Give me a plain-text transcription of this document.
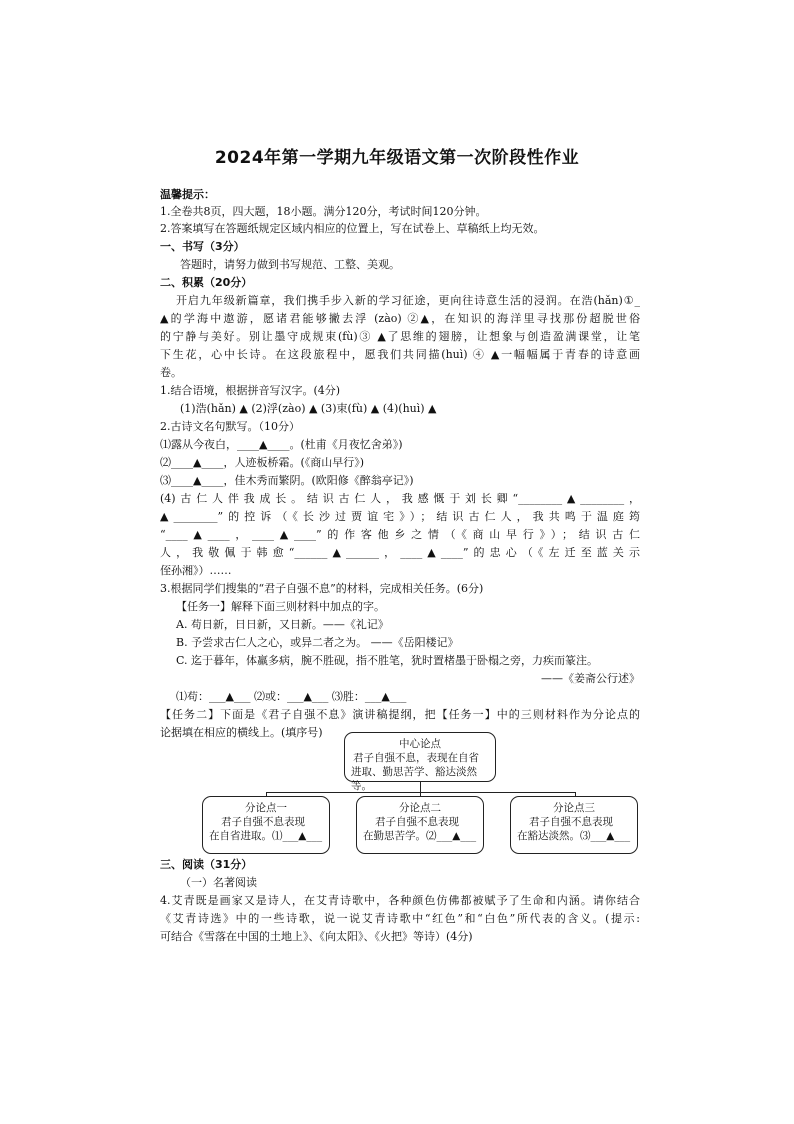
2024年第一学期九年级语文第一次阶段性作业
温馨提示：
1.全卷共8页，四大题，18小题。满分120分，考试时间120分钟。
2.答案填写在答题纸规定区域内相应的位置上，写在试卷上、草稿纸上均无效。
一、书写（3分）
答题时，请努力做到书写规范、工整、美观。
二、积累（20分）
开启九年级新篇章，我们携手步入新的学习征途，更向往诗意生活的浸润。在浩(hǎn)①_
▲的学海中遨游，愿诸君能够撇去浮 (zào) ②▲，在知识的海洋里寻找那份超脱世俗
的宁静与美好。别让墨守成规束(fù)③ ▲了思维的翅膀，让想象与创造盈满课堂，让笔
下生花，心中长诗。在这段旅程中，愿我们共同描(huì) ④ ▲一幅幅属于青春的诗意画
卷。
1.结合语境，根据拼音写汉字。(4分)
(1)浩(hǎn) ▲ (2)浮(zào) ▲ (3)束(fù) ▲ (4)(huì) ▲
2.古诗文名句默写。（10分）
⑴露从今夜白，____▲____。(杜甫《月夜忆舍弟》)
⑵____▲____，人迹板桥霜。(《商山早行》)
⑶____▲____，佳木秀而繁阴。(欧阳修《醉翁亭记》)
(4)古仁人伴我成长。结识古仁人，我感慨于刘长卿“________▲________，
▲________”的控诉（《长沙过贾谊宅》）；结识古仁人，我共鸣于温庭筠
“____▲____，____▲____”的作客他乡之情（《商山早行》）；结识古仁
人，我敬佩于韩愈“______▲______，____▲____”的忠心（《左迁至蓝关示
侄孙湘》）……
3.根据同学们搜集的“君子自强不息”的材料，完成相关任务。(6分)
【任务一】解释下面三则材料中加点的字。
A. 苟日新，日日新，又日新。——《礼记》
B. 予尝求古仁人之心，或异二者之为。 ——《岳阳楼记》
C. 迄于暮年，体羸多病，腕不胜砚，指不胜笔，犹时置楮墨于卧榻之旁，力疾而篆注。
——《姜斋公行述》
⑴苟：___▲___ ⑵或：___▲___ ⑶胜：___▲___
【任务二】下面是《君子自强不息》演讲稿提纲，把【任务一】中的三则材料作为分论点的
论据填在相应的横线上。(填序号)
中心论点
君子自强不息，表现在自省
进取、勤思苦学、豁达淡然等。
分论点一
君子自强不息表现
在自省进取。⑴___▲___
分论点二
君子自强不息表现
在勤思苦学。⑵___▲___
分论点三
君子自强不息表现
在豁达淡然。⑶___▲___
三、阅读（31分）
（一）名著阅读
4.艾青既是画家又是诗人，在艾青诗歌中，各种颜色仿佛都被赋予了生命和内涵。请你结合
《艾青诗选》中的一些诗歌，说一说艾青诗歌中“红色”和“白色”所代表的含义。(提示:
可结合《雪落在中国的土地上》、《向太阳》、《火把》等诗）(4分)
